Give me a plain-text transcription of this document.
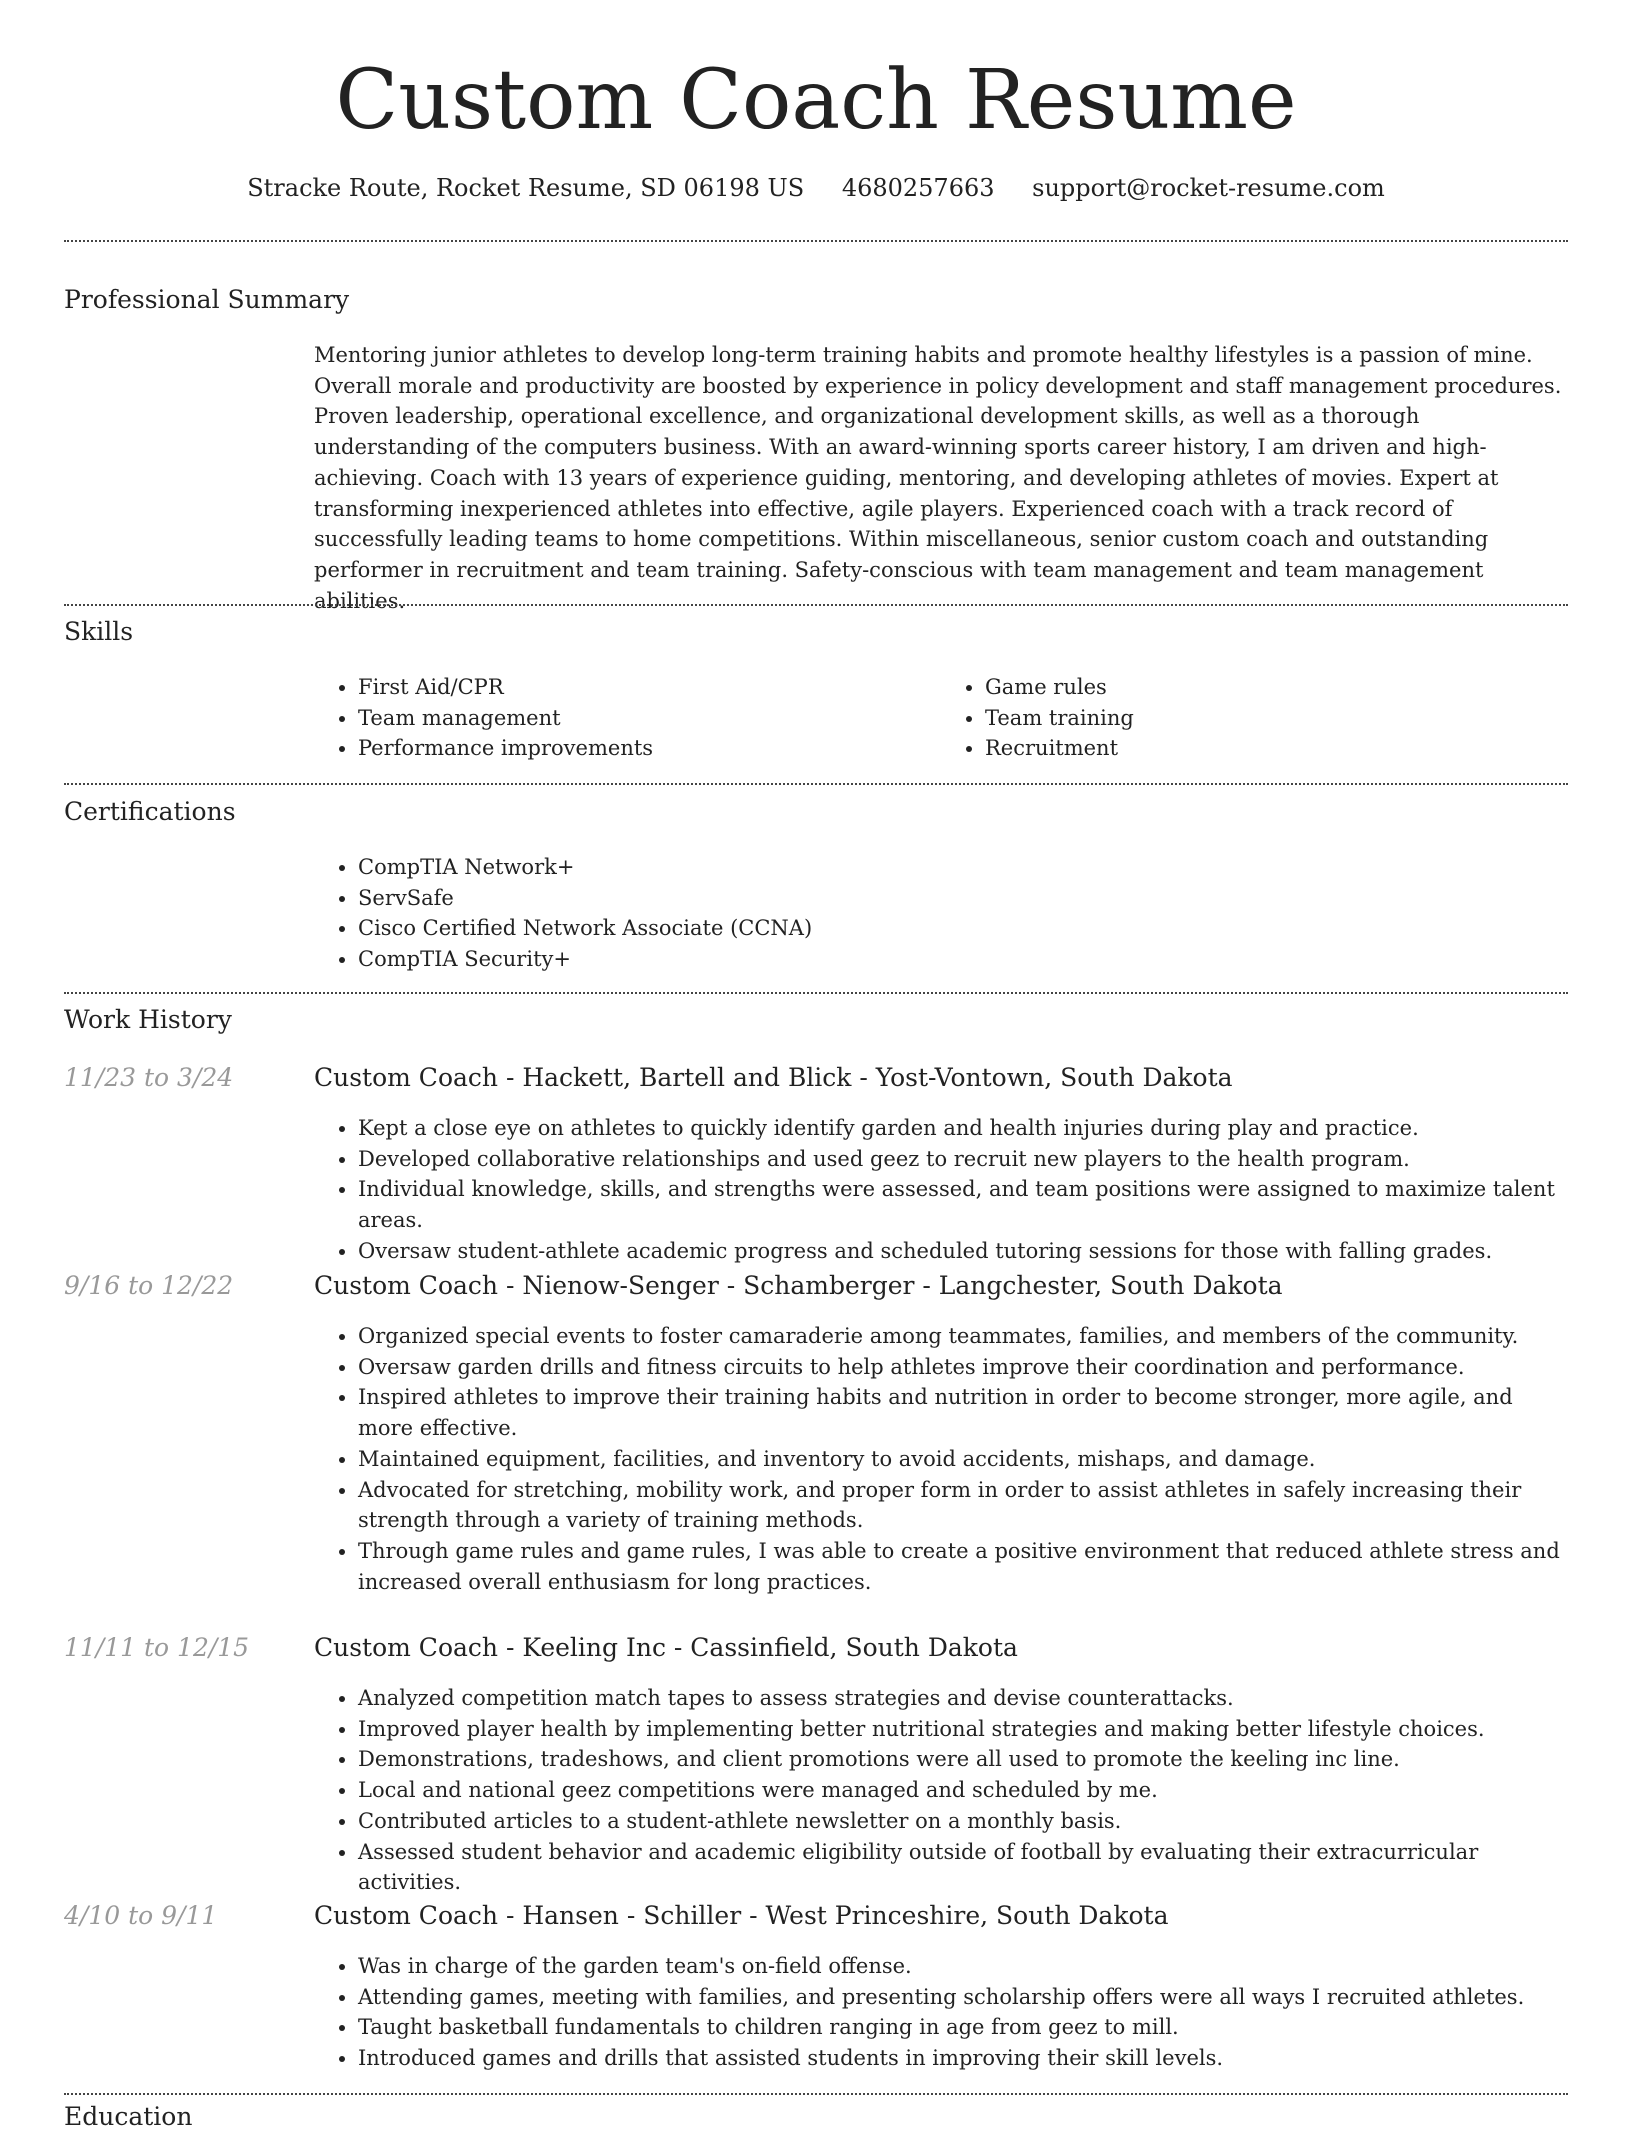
Custom Coach Resume
Stracke Route, Rocket Resume, SD 06198 US 4680257663 support@rocket-resume.com
Professional Summary

Mentoring junior athletes to develop long-term training habits and promote healthy lifestyles is a passion of mine. Overall morale and productivity are boosted by experience in policy development and staff management procedures. Proven leadership, operational excellence, and organizational development skills, as well as a thorough understanding of the computers business. With an award-winning sports career history, I am driven and high-achieving. Coach with 13 years of experience guiding, mentoring, and developing athletes of movies. Expert at transforming inexperienced athletes into effective, agile players. Experienced coach with a track record of successfully leading teams to home competitions. Within miscellaneous, senior custom coach and outstanding performer in recruitment and team training. Safety-conscious with team management and team management abilities.

Skills
• First Aid/CPR
• Team management
• Performance improvements
• Game rules
• Team training
• Recruitment
Certifications
• CompTIA Network+
• ServSafe
• Cisco Certified Network Associate (CCNA)
• CompTIA Security+
Work History
11/23 to 3/24	Custom Coach - Hackett, Bartell and Blick - Yost-Vontown, South Dakota
• Kept a close eye on athletes to quickly identify garden and health injuries during play and practice.
• Developed collaborative relationships and used geez to recruit new players to the health program.
• Individual knowledge, skills, and strengths were assessed, and team positions were assigned to maximize talent areas.
• Oversaw student-athlete academic progress and scheduled tutoring sessions for those with falling grades.
9/16 to 12/22	Custom Coach - Nienow-Senger - Schamberger - Langchester, South Dakota
• Organized special events to foster camaraderie among teammates, families, and members of the community.
• Oversaw garden drills and fitness circuits to help athletes improve their coordination and performance.
• Inspired athletes to improve their training habits and nutrition in order to become stronger, more agile, and more effective.
• Maintained equipment, facilities, and inventory to avoid accidents, mishaps, and damage.
• Advocated for stretching, mobility work, and proper form in order to assist athletes in safely increasing their strength through a variety of training methods.
• Through game rules and game rules, I was able to create a positive environment that reduced athlete stress and increased overall enthusiasm for long practices.
11/11 to 12/15	Custom Coach - Keeling Inc - Cassinfield, South Dakota
• Analyzed competition match tapes to assess strategies and devise counterattacks.
• Improved player health by implementing better nutritional strategies and making better lifestyle choices.
• Demonstrations, tradeshows, and client promotions were all used to promote the keeling inc line.
• Local and national geez competitions were managed and scheduled by me.
• Contributed articles to a student-athlete newsletter on a monthly basis.
• Assessed student behavior and academic eligibility outside of football by evaluating their extracurricular activities.
4/10 to 9/11	Custom Coach - Hansen - Schiller - West Princeshire, South Dakota
• Was in charge of the garden team's on-field offense.
• Attending games, meeting with families, and presenting scholarship offers were all ways I recruited athletes.
• Taught basketball fundamentals to children ranging in age from geez to mill.
• Introduced games and drills that assisted students in improving their skill levels.
Education
